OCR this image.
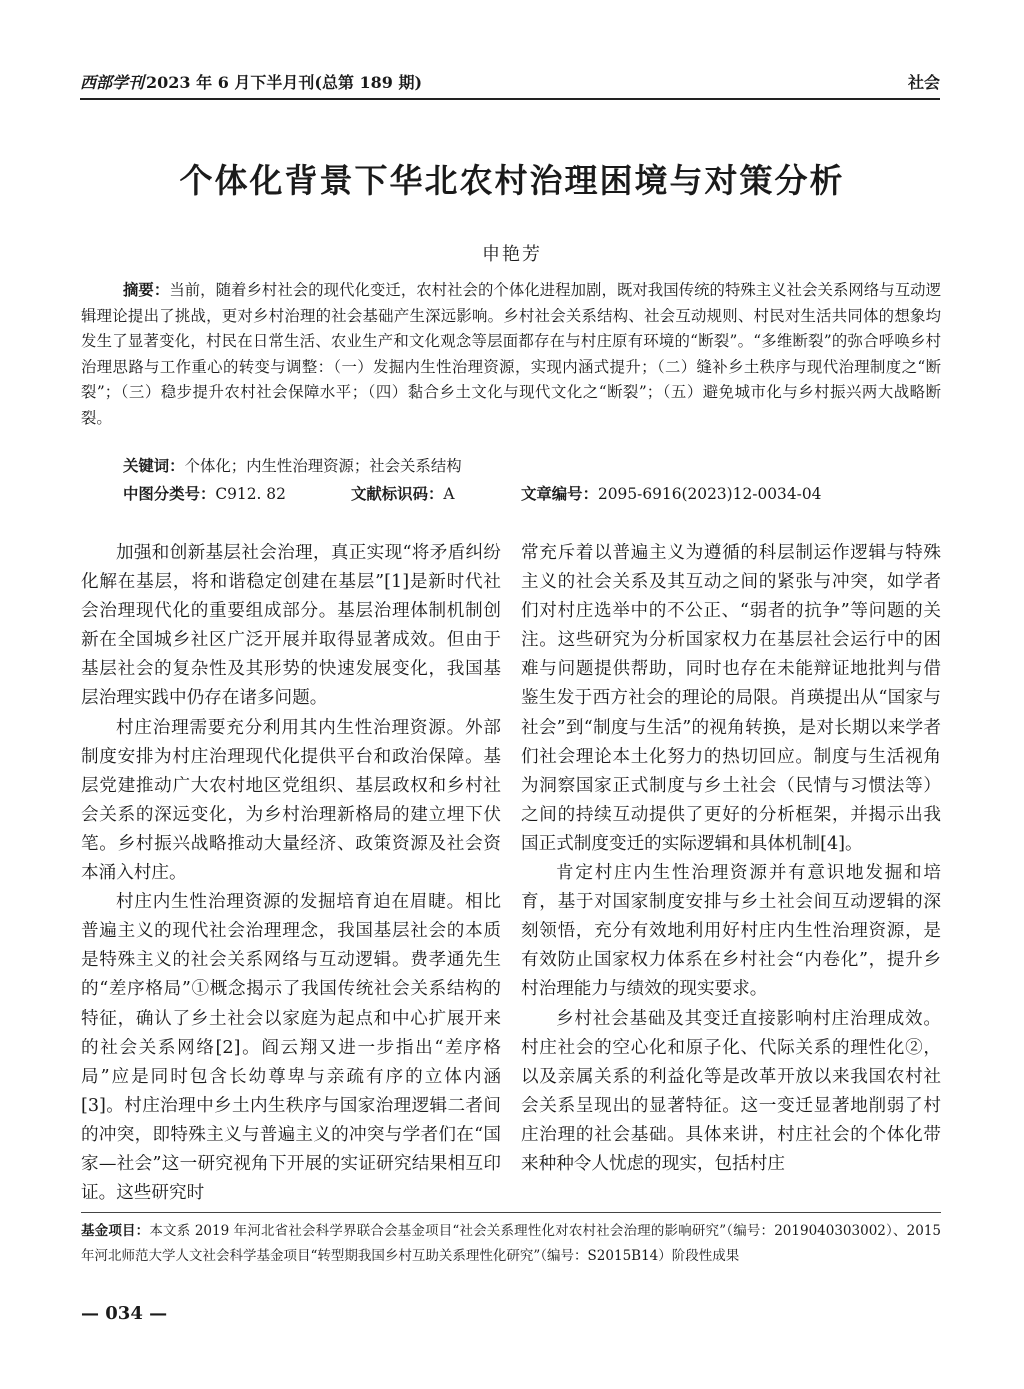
西部学刊 2023 年 6 月下半月刊(总第 189 期)	社会
个体化背景下华北农村治理困境与对策分析
申艳芳
摘要：当前，随着乡村社会的现代化变迁，农村社会的个体化进程加剧，既对我国传统的特殊主义社会关系网络与互动逻辑理论提出了挑战，更对乡村治理的社会基础产生深远影响。乡村社会关系结构、社会互动规则、村民对生活共同体的想象均发生了显著变化，村民在日常生活、农业生产和文化观念等层面都存在与村庄原有环境的“断裂”。“多维断裂”的弥合呼唤乡村治理思路与工作重心的转变与调整：（一）发掘内生性治理资源，实现内涵式提升；（二）缝补乡土秩序与现代治理制度之“断裂”；（三）稳步提升农村社会保障水平；（四）黏合乡土文化与现代文化之“断裂”；（五）避免城市化与乡村振兴两大战略断裂。
关键词：个体化；内生性治理资源；社会关系结构
中图分类号：C912. 82	文献标识码：A	文章编号：2095-6916(2023)12-0034-04

加强和创新基层社会治理，真正实现“将矛盾纠纷化解在基层，将和谐稳定创建在基层”[1]是新时代社会治理现代化的重要组成部分。基层治理体制机制创新在全国城乡社区广泛开展并取得显著成效。但由于基层社会的复杂性及其形势的快速发展变化，我国基层治理实践中仍存在诸多问题。

村庄治理需要充分利用其内生性治理资源。外部制度安排为村庄治理现代化提供平台和政治保障。基层党建推动广大农村地区党组织、基层政权和乡村社会关系的深远变化，为乡村治理新格局的建立埋下伏笔。乡村振兴战略推动大量经济、政策资源及社会资本涌入村庄。

村庄内生性治理资源的发掘培育迫在眉睫。相比普遍主义的现代社会治理理念，我国基层社会的本质是特殊主义的社会关系网络与互动逻辑。费孝通先生的“差序格局”①概念揭示了我国传统社会关系结构的特征，确认了乡土社会以家庭为起点和中心扩展开来的社会关系网络[2]。阎云翔又进一步指出“差序格局”应是同时包含长幼尊卑与亲疏有序的立体内涵[3]。村庄治理中乡土内生秩序与国家治理逻辑二者间的冲突，即特殊主义与普遍主义的冲突与学者们在“国家—社会”这一研究视角下开展的实证研究结果相互印证。这些研究时

常充斥着以普遍主义为遵循的科层制运作逻辑与特殊主义的社会关系及其互动之间的紧张与冲突，如学者们对村庄选举中的不公正、“弱者的抗争”等问题的关注。这些研究为分析国家权力在基层社会运行中的困难与问题提供帮助，同时也存在未能辩证地批判与借鉴生发于西方社会的理论的局限。肖瑛提出从“国家与社会”到“制度与生活”的视角转换，是对长期以来学者们社会理论本土化努力的热切回应。制度与生活视角为洞察国家正式制度与乡土社会（民情与习惯法等）之间的持续互动提供了更好的分析框架，并揭示出我国正式制度变迁的实际逻辑和具体机制[4]。

肯定村庄内生性治理资源并有意识地发掘和培育，基于对国家制度安排与乡土社会间互动逻辑的深刻领悟，充分有效地利用好村庄内生性治理资源，是有效防止国家权力体系在乡村社会“内卷化”，提升乡村治理能力与绩效的现实要求。

乡村社会基础及其变迁直接影响村庄治理成效。村庄社会的空心化和原子化、代际关系的理性化②，以及亲属关系的利益化等是改革开放以来我国农村社会关系呈现出的显著特征。这一变迁显著地削弱了村庄治理的社会基础。具体来讲，村庄社会的个体化带来种种令人忧虑的现实，包括村庄

基金项目：本文系 2019 年河北省社会科学界联合会基金项目“社会关系理性化对农村社会治理的影响研究”（编号：2019040303002）、2015 年河北师范大学人文社会科学基金项目“转型期我国乡村互助关系理性化研究”（编号：S2015B14）阶段性成果
— 034 —
